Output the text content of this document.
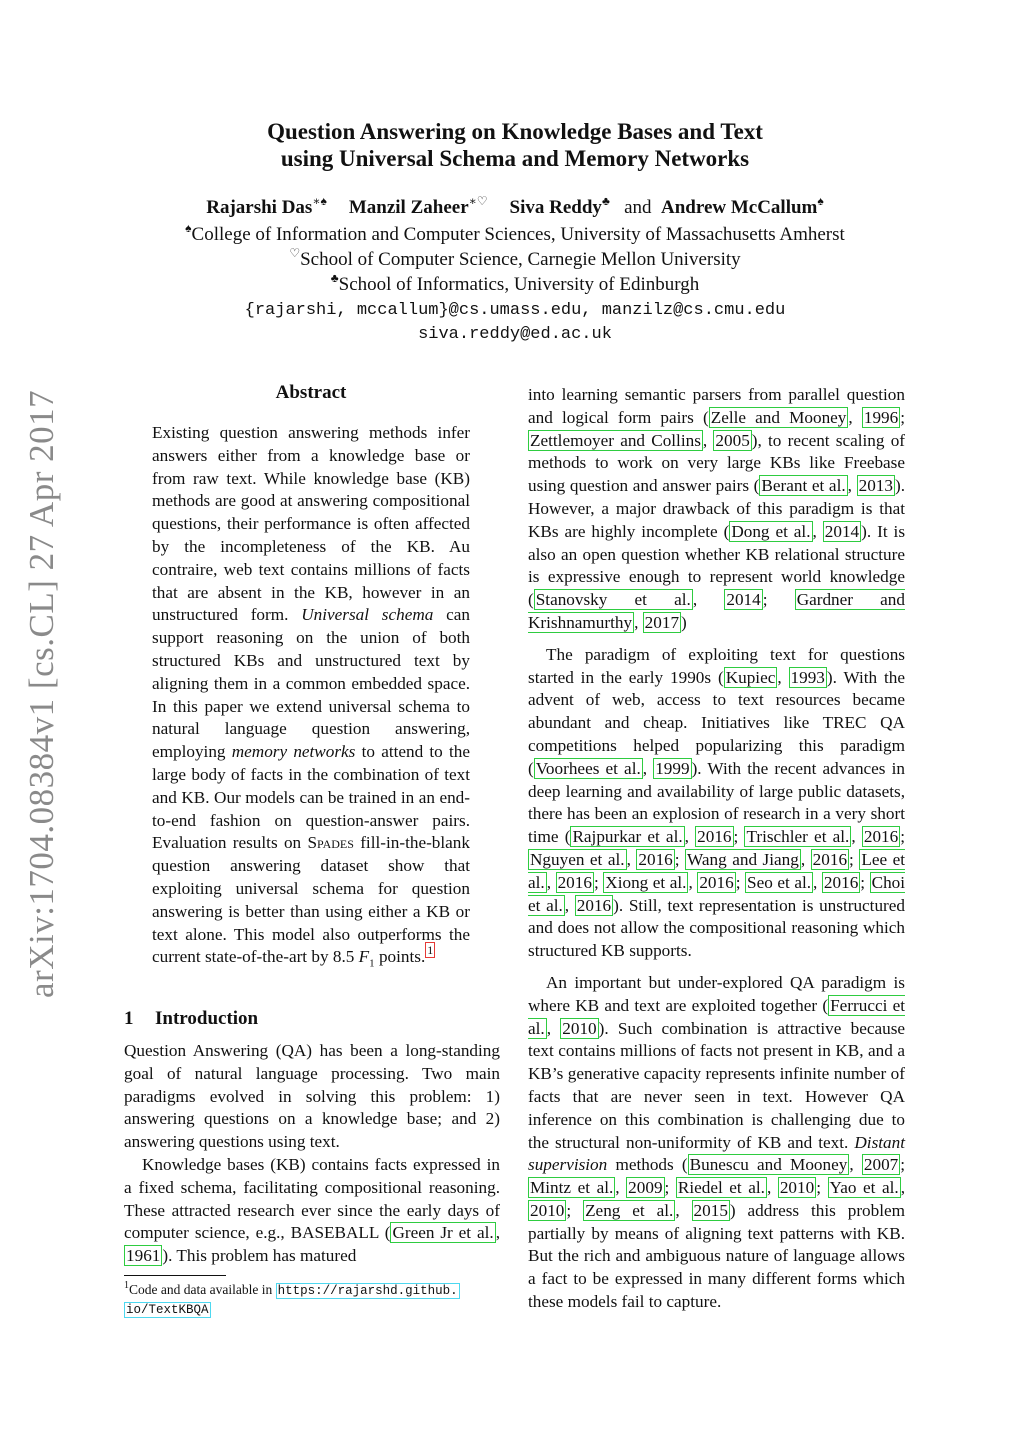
arXiv:1704.08384v1 [cs.CL] 27 Apr 2017
Question Answering on Knowledge Bases and Text
using Universal Schema and Memory Networks
Rajarshi Das∗♠ Manzil Zaheer∗♡ Siva Reddy♣ and Andrew McCallum♠
♠College of Information and Computer Sciences, University of Massachusetts Amherst
♡School of Computer Science, Carnegie Mellon University
♣School of Informatics, University of Edinburgh
{rajarshi, mccallum}@cs.umass.edu, manzilz@cs.cmu.edu
siva.reddy@ed.ac.uk
Abstract

Existing question answering methods infer answers either from a knowledge base or from raw text. While knowledge base (KB) methods are good at answering compositional questions, their performance is often affected by the incompleteness of the KB. Au contraire, web text contains millions of facts that are absent in the KB, however in an unstructured form. Universal schema can support reasoning on the union of both structured KBs and unstructured text by aligning them in a common embedded space. In this paper we extend universal schema to natural language question answering, employing memory networks to attend to the large body of facts in the combination of text and KB. Our models can be trained in an end-to-end fashion on question-answer pairs. Evaluation results on Spades fill-in-the-blank question answering dataset show that exploiting universal schema for question answering is better than using either a KB or text alone. This model also outperforms the current state-of-the-art by 8.5 $F_1$ points. $^1$

1 Introduction

Question Answering (QA) has been a long-standing goal of natural language processing. Two main paradigms evolved in solving this problem: 1) answering questions on a knowledge base; and 2) answering questions using text.

Knowledge bases (KB) contains facts expressed in a fixed schema, facilitating compositional reasoning. These attracted research ever since the early days of computer science, e.g., BASEBALL ( Green Jr et al. , 1961 ). This problem has matured

$^1$Code and data available in https://rajarshd.github.
io/TextKBQA

into learning semantic parsers from parallel question and logical form pairs ( Zelle and Mooney , 1996 ; Zettlemoyer and Collins , 2005 ), to recent scaling of methods to work on very large KBs like Freebase using question and answer pairs ( Berant et al. , 2013 ). However, a major drawback of this paradigm is that KBs are highly incomplete ( Dong et al. , 2014 ). It is also an open question whether KB relational structure is expressive enough to represent world knowledge ( Stanovsky et al. , 2014 ; Gardner and Krishnamurthy , 2017 )

The paradigm of exploiting text for questions started in the early 1990s ( Kupiec , 1993 ). With the advent of web, access to text resources became abundant and cheap. Initiatives like TREC QA competitions helped popularizing this paradigm ( Voorhees et al. , 1999 ). With the recent advances in deep learning and availability of large public datasets, there has been an explosion of research in a very short time ( Rajpurkar et al. , 2016 ; Trischler et al. , 2016 ; Nguyen et al. , 2016 ; Wang and Jiang , 2016 ; Lee et al. , 2016 ; Xiong et al. , 2016 ; Seo et al. , 2016 ; Choi et al. , 2016 ). Still, text representation is unstructured and does not allow the compositional reasoning which structured KB supports.

An important but under-explored QA paradigm is where KB and text are exploited together ( Ferrucci et al. , 2010 ). Such combination is attractive because text contains millions of facts not present in KB, and a KB’s generative capacity represents infinite number of facts that are never seen in text. However QA inference on this combination is challenging due to the structural non-uniformity of KB and text. Distant supervision methods ( Bunescu and Mooney , 2007 ; Mintz et al. , 2009 ; Riedel et al. , 2010 ; Yao et al. , 2010 ; Zeng et al. , 2015 ) address this problem partially by means of aligning text patterns with KB. But the rich and ambiguous nature of language allows a fact to be expressed in many different forms which these models fail to capture.
